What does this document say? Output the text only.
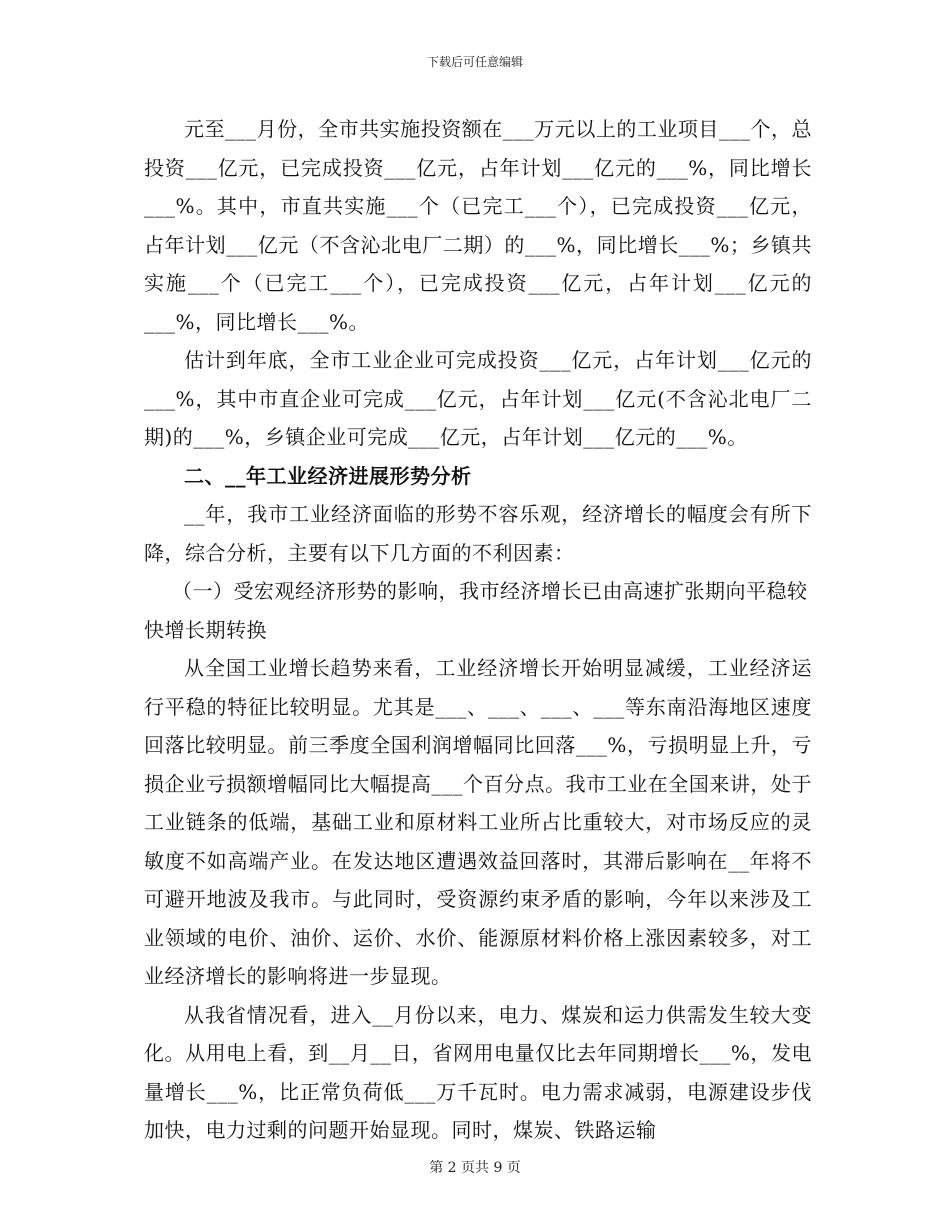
下载后可任意编辑

元至___月份，全市共实施投资额在___万元以上的工业项目___个，总投资___亿元，已完成投资___亿元，占年计划___亿元的___%，同比增长___%。其中，市直共实施___个（已完工___个），已完成投资___亿元，占年计划___亿元（不含沁北电厂二期）的___%，同比增长___%；乡镇共实施___个（已完工___个），已完成投资___亿元，占年计划___亿元的___%，同比增长___%。

估计到年底，全市工业企业可完成投资___亿元，占年计划___亿元的___%，其中市直企业可完成___亿元，占年计划___亿元(不含沁北电厂二期)的___%，乡镇企业可完成___亿元，占年计划___亿元的___%。

二、__年工业经济进展形势分析

__年，我市工业经济面临的形势不容乐观，经济增长的幅度会有所下降，综合分析，主要有以下几方面的不利因素：

（一）受宏观经济形势的影响，我市经济增长已由高速扩张期向平稳较快增长期转换

从全国工业增长趋势来看，工业经济增长开始明显减缓，工业经济运行平稳的特征比较明显。尤其是___、___、___、___等东南沿海地区速度回落比较明显。前三季度全国利润增幅同比回落___%，亏损明显上升，亏损企业亏损额增幅同比大幅提高___个百分点。我市工业在全国来讲，处于工业链条的低端，基础工业和原材料工业所占比重较大，对市场反应的灵敏度不如高端产业。在发达地区遭遇效益回落时，其滞后影响在__年将不可避开地波及我市。与此同时，受资源约束矛盾的影响，今年以来涉及工业领域的电价、油价、运价、水价、能源原材料价格上涨因素较多，对工业经济增长的影响将进一步显现。

从我省情况看，进入__月份以来，电力、煤炭和运力供需发生较大变化。从用电上看，到__月__日，省网用电量仅比去年同期增长___%，发电量增长___%，比正常负荷低___万千瓦时。电力需求减弱，电源建设步伐加快，电力过剩的问题开始显现。同时，煤炭、铁路运输

第 2 页共 9 页
